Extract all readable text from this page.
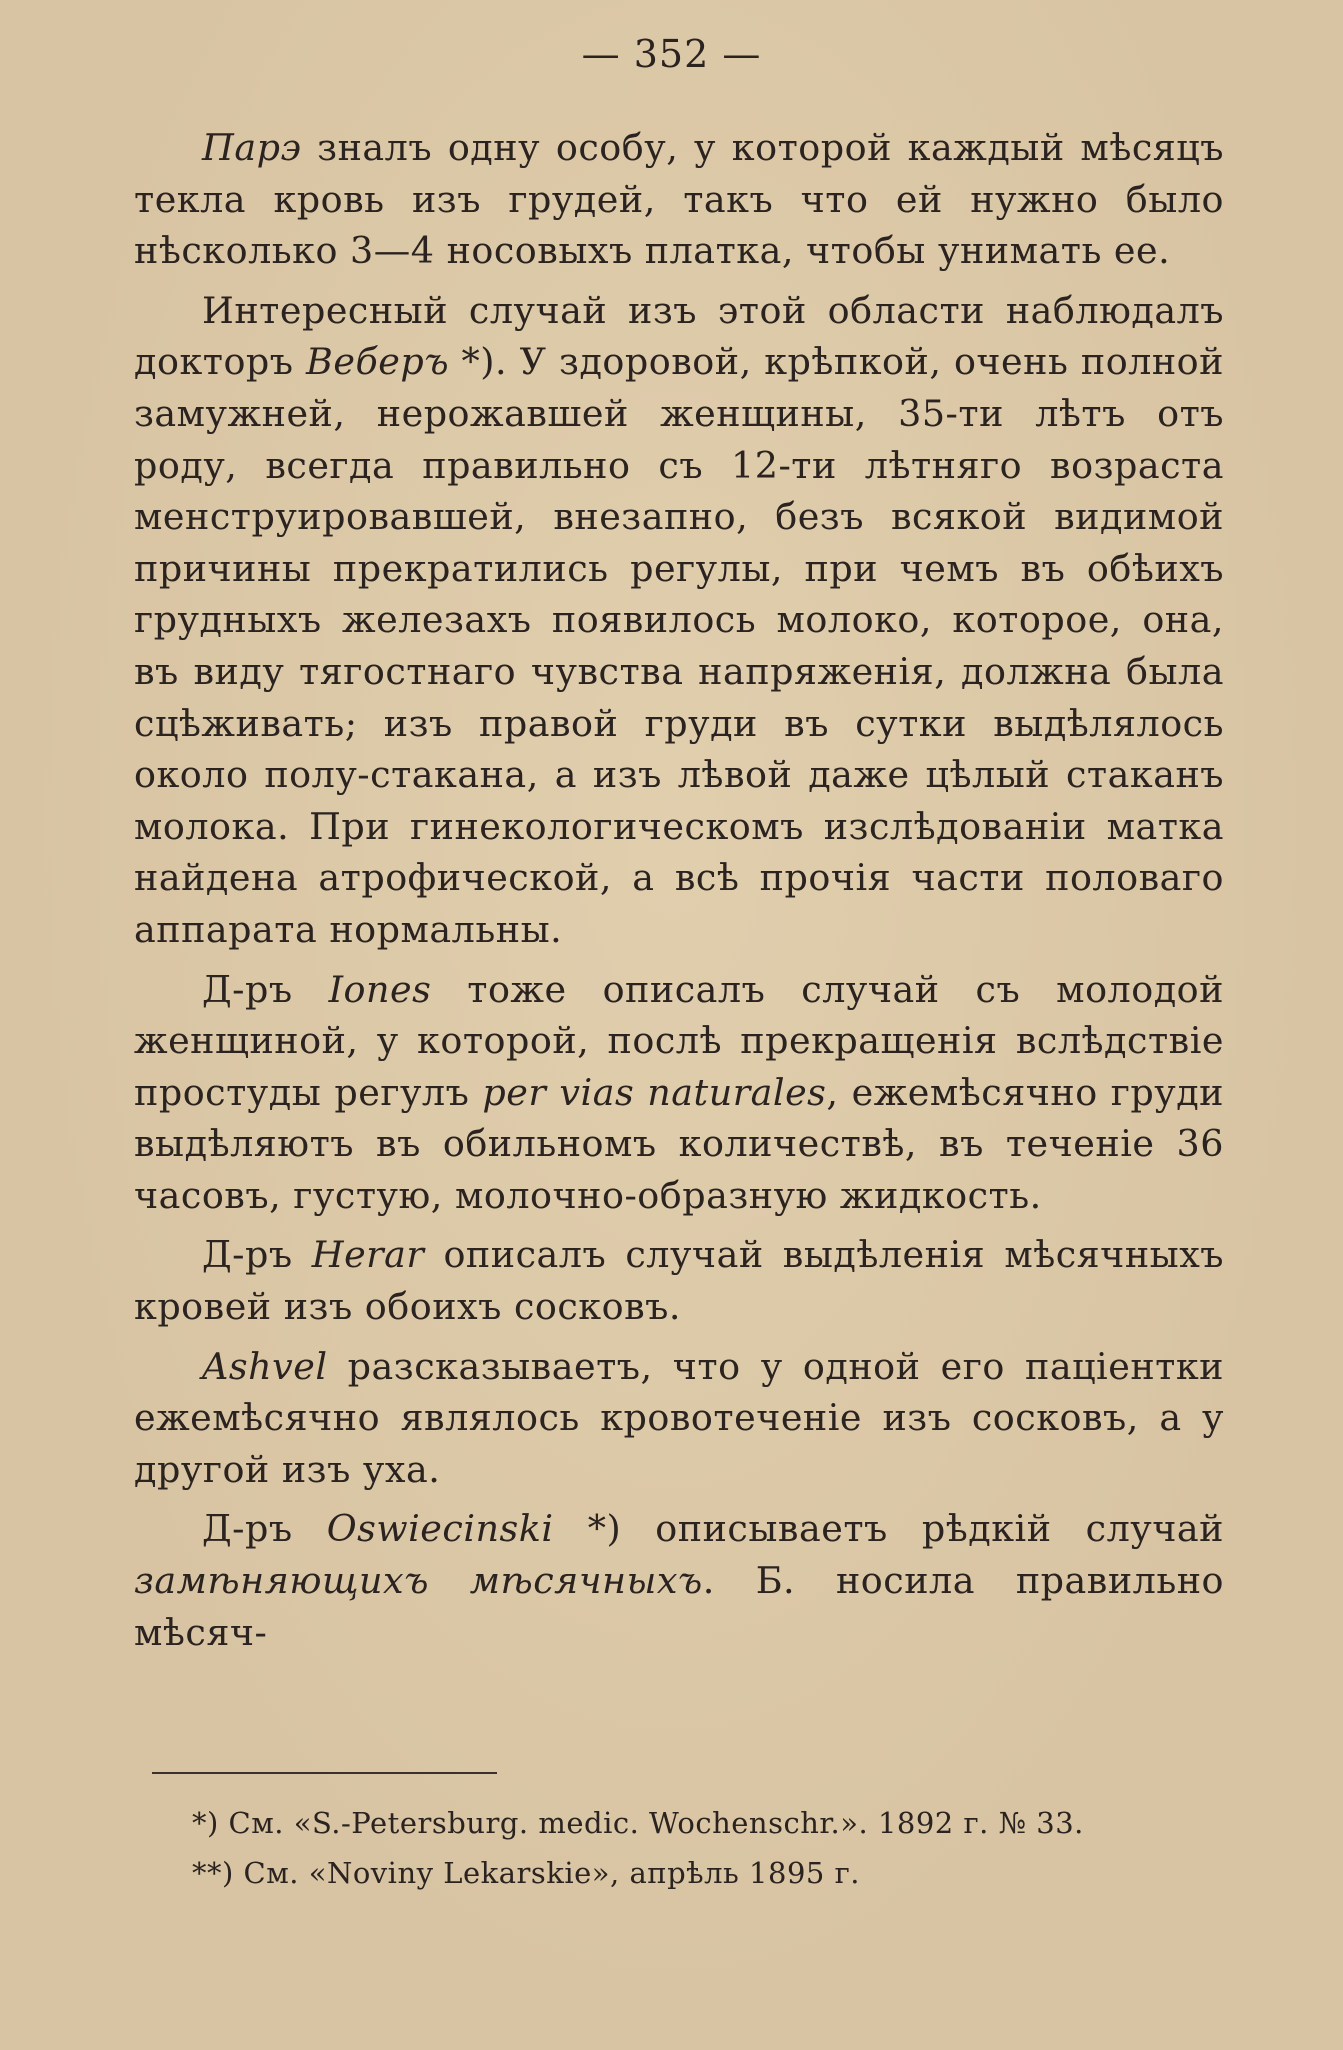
— 352 —

Парэ зналъ одну особу, у которой каждый мѣсяцъ текла кровь изъ грудей, такъ что ей нужно было нѣсколько 3—4 носовыхъ платка, чтобы унимать ее.

Интересный случай изъ этой области наблюдалъ докторъ Веберъ *). У здоровой, крѣпкой, очень полной замужней, нерожавшей женщины, 35-ти лѣтъ отъ роду, всегда правильно съ 12-ти лѣтняго возраста менструировавшей, внезапно, безъ всякой видимой причины прекратились регулы, при чемъ въ обѣихъ грудныхъ железахъ появилось молоко, которое, она, въ виду тягостнаго чувства напряженія, должна была сцѣживать; изъ правой груди въ сутки выдѣлялось около полу-стакана, а изъ лѣвой даже цѣлый стаканъ молока. При гинекологическомъ изслѣдованіи матка найдена атрофической, а всѣ прочія части половаго аппарата нормальны.

Д-ръ Iones тоже описалъ случай съ молодой женщиной, у которой, послѣ прекращенія вслѣдствіе простуды регулъ per vias naturales, ежемѣсячно груди выдѣляютъ въ обильномъ количествѣ, въ теченіе 36 часовъ, густую, молочно-образную жидкость.

Д-ръ Herar описалъ случай выдѣленія мѣсячныхъ кровей изъ обоихъ сосковъ.

Ashvel разсказываетъ, что у одной его паціентки ежемѣсячно являлось кровотеченіе изъ сосковъ, а у другой изъ уха.

Д-ръ Oswiecinski *) описываетъ рѣдкій случай замѣняющихъ мѣсячныхъ. Б. носила правильно мѣсяч-

*) См. «S.-Petersburg. medic. Wochenschr.». 1892 г. № 33.

**) См. «Noviny Lekarskie», апрѣль 1895 г.
